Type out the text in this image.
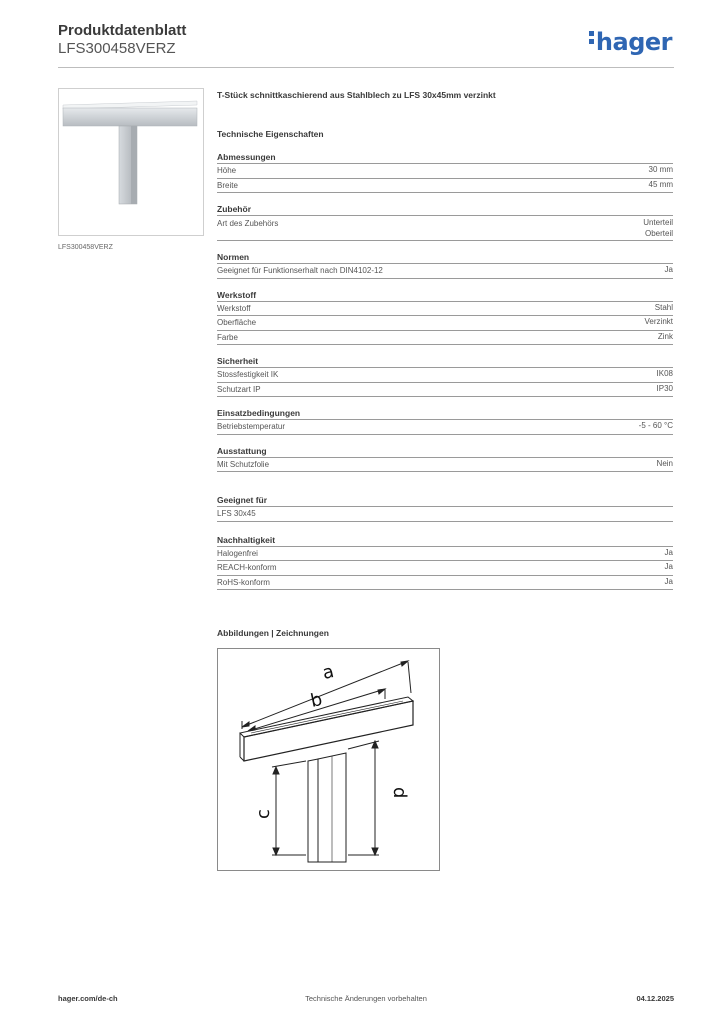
Produktdatenblatt
LFS300458VERZ	hager
LFS300458VERZ
T-Stück schnittkaschierend aus Stahlblech zu LFS 30x45mm verzinkt
Technische Eigenschaften
Abmessungen
Höhe	30 mm
Breite	45 mm
Zubehör
Art des Zubehörs	Unterteil
Oberteil
Normen
Geeignet für Funktionserhalt nach DIN4102-12	Ja
Werkstoff
Werkstoff	Stahl
Oberfläche	Verzinkt
Farbe	Zink
Sicherheit
Stossfestigkeit IK	IK08
Schutzart IP	IP30
Einsatzbedingungen
Betriebstemperatur	-5 - 60 °C
Ausstattung
Mit Schutzfolie	Nein
Geeignet für
LFS 30x45
Nachhaltigkeit
Halogenfrei	Ja
REACH-konform	Ja
RoHS-konform	Ja
Abbildungen | Zeichnungen
a
b
c
d
Technische Änderungen vorbehalten
hager.com/de-ch	04.12.2025
